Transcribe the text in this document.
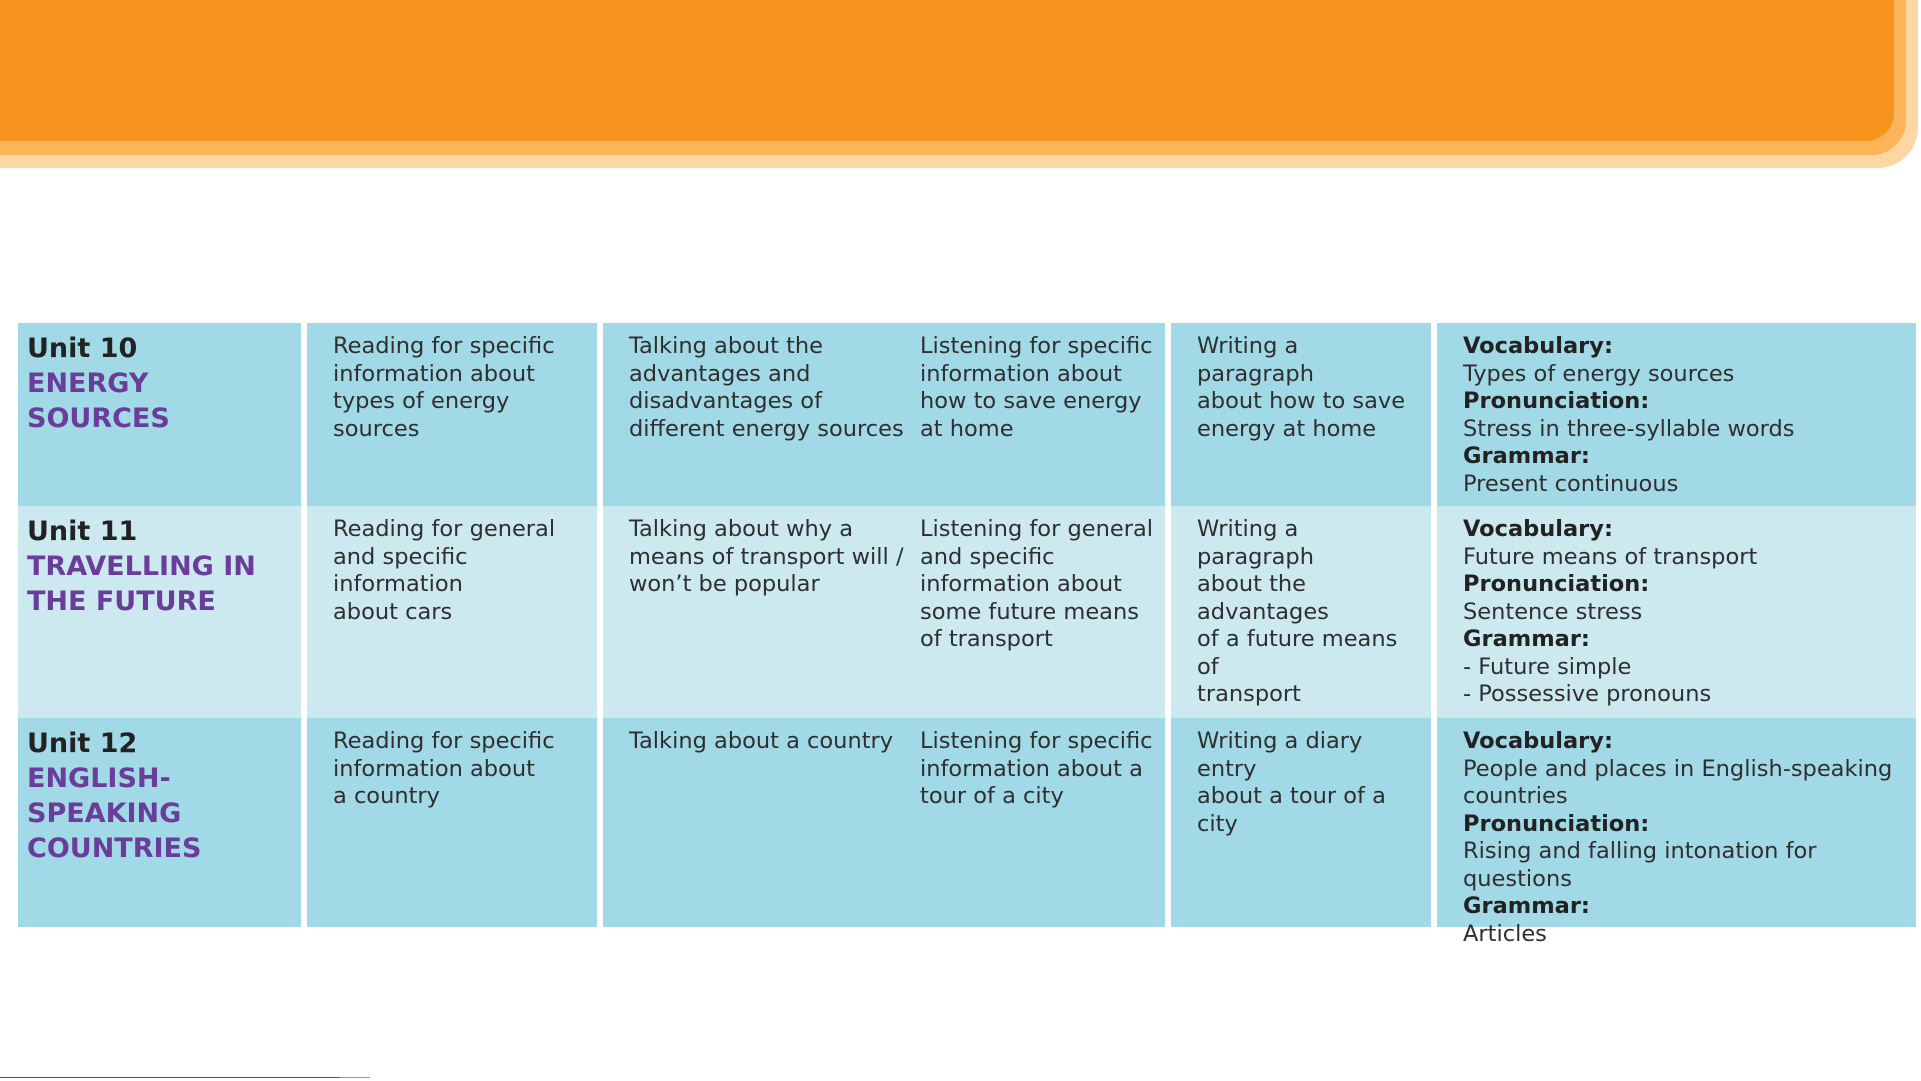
Unit 10
ENERGY
SOURCES
Reading for specific
information about
types of energy sources
Talking about the
advantages and
disadvantages of
different energy sources
Listening for specific
information about
how to save energy
at home
Writing a paragraph
about how to save
energy at home
Vocabulary:
Types of energy sources
Pronunciation:
Stress in three-syllable words
Grammar:
Present continuous
Unit 11
TRAVELLING IN
THE FUTURE
Reading for general
and specific information
about cars
Talking about why a
means of transport will /
won’t be popular
Listening for general
and specific
information about
some future means
of transport
Writing a paragraph
about the advantages
of a future means of
transport
Vocabulary:
Future means of transport
Pronunciation:
Sentence stress
Grammar:
- Future simple
- Possessive pronouns
Unit 12
ENGLISH-SPEAKING
COUNTRIES
Reading for specific
information about
a country
Talking about a country	Listening for specific
information about a
tour of a city
Writing a diary entry
about a tour of a city
Vocabulary:
People and places in English-speaking
countries
Pronunciation:
Rising and falling intonation for questions
Grammar:
Articles
